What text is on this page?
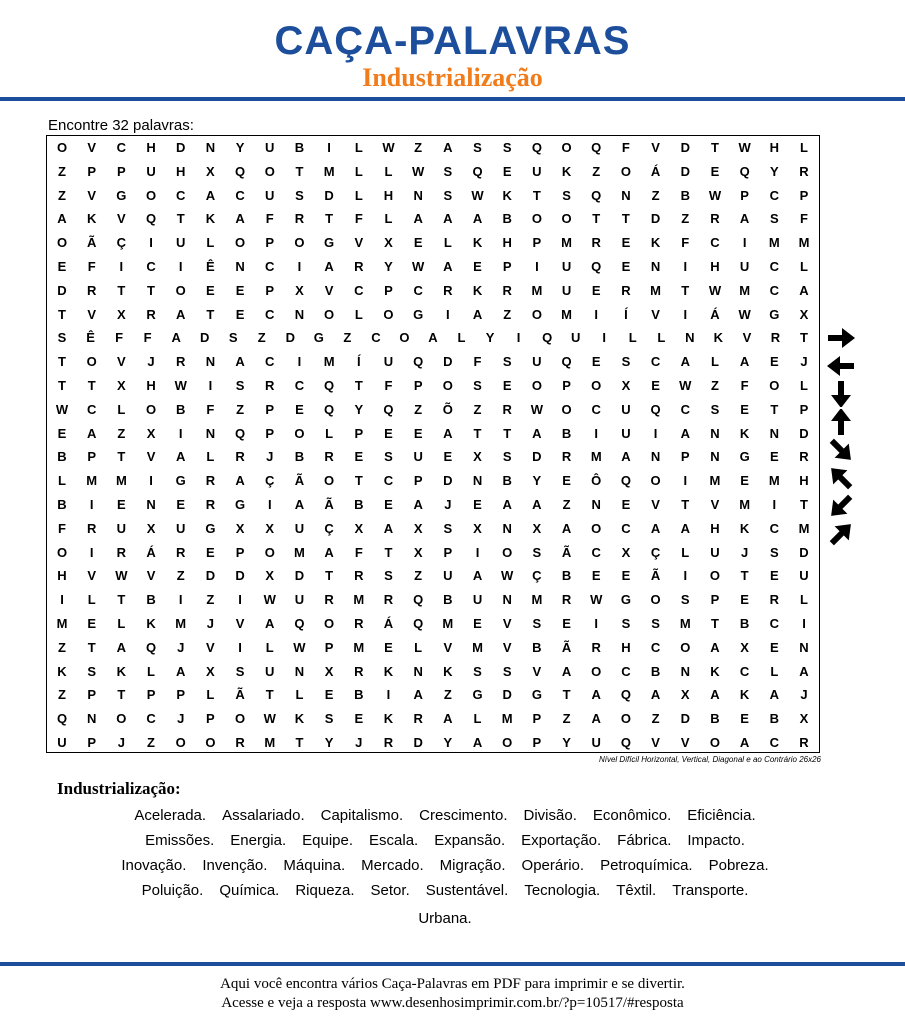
CAÇA-PALAVRAS
Industrialização
Encontre 32 palavras:
O	V	C	H	D	N	Y	U	B	I	L	W	Z	A	S	S	Q	O	Q	F	V	D	T	W	H	L
Z	P	P	U	H	X	Q	O	T	M	L	L	W	S	Q	E	U	K	Z	O	Á	D	E	Q	Y	R
Z	V	G	O	C	A	C	U	S	D	L	H	N	S	W	K	T	S	Q	N	Z	B	W	P	C	P
A	K	V	Q	T	K	A	F	R	T	F	L	A	A	A	B	O	O	T	T	D	Z	R	A	S	F
O	Ã	Ç	I	U	L	O	P	O	G	V	X	E	L	K	H	P	M	R	E	K	F	C	I	M	M
E	F	I	C	I	Ê	N	C	I	A	R	Y	W	A	E	P	I	U	Q	E	N	I	H	U	C	L
D	R	T	T	O	E	E	P	X	V	C	P	C	R	K	R	M	U	E	R	M	T	W	M	C	A
T	V	X	R	A	T	E	C	N	O	L	O	G	I	A	Z	O	M	I	Í	V	I	Á	W	G	X
S	Ê	F	F	A	D	S	Z	D	G	Z	C	O	A	L	Y	I	Q	U	I	L	L	N	K	V	R	T
T	O	V	J	R	N	A	C	I	M	Í	U	Q	D	F	S	U	Q	E	S	C	A	L	A	E	J
T	T	X	H	W	I	S	R	C	Q	T	F	P	O	S	E	O	P	O	X	E	W	Z	F	O	L
W	C	L	O	B	F	Z	P	E	Q	Y	Q	Z	Õ	Z	R	W	O	C	U	Q	C	S	E	T	P
E	A	Z	X	I	N	Q	P	O	L	P	E	E	A	T	T	A	B	I	U	I	A	N	K	N	D
B	P	T	V	A	L	R	J	B	R	E	S	U	E	X	S	D	R	M	A	N	P	N	G	E	R
L	M	M	I	G	R	A	Ç	Ã	O	T	C	P	D	N	B	Y	E	Ô	Q	O	I	M	E	M	H
B	I	E	N	E	R	G	I	A	Ã	B	E	A	J	E	A	A	Z	N	E	V	T	V	M	I	T
F	R	U	X	U	G	X	X	U	Ç	X	A	X	S	X	N	X	A	O	C	A	A	H	K	C	M
O	I	R	Á	R	E	P	O	M	A	F	T	X	P	I	O	S	Ã	C	X	Ç	L	U	J	S	D
H	V	W	V	Z	D	D	X	D	T	R	S	Z	U	A	W	Ç	B	E	E	Ã	I	O	T	E	U
I	L	T	B	I	Z	I	W	U	R	M	R	Q	B	U	N	M	R	W	G	O	S	P	E	R	L
M	E	L	K	M	J	V	A	Q	O	R	Á	Q	M	E	V	S	E	I	S	S	M	T	B	C	I
Z	T	A	Q	J	V	I	L	W	P	M	E	L	V	M	V	B	Ã	R	H	C	O	A	X	E	N
K	S	K	L	A	X	S	U	N	X	R	K	N	K	S	S	V	A	O	C	B	N	K	C	L	A
Z	P	T	P	P	L	Ã	T	L	E	B	I	A	Z	G	D	G	T	A	Q	A	X	A	K	A	J
Q	N	O	C	J	P	O	W	K	S	E	K	R	A	L	M	P	Z	A	O	Z	D	B	E	B	X
U	P	J	Z	O	O	R	M	T	Y	J	R	D	Y	A	O	P	Y	U	Q	V	V	O	A	C	R
Nível Difícil Horizontal, Vertical, Diagonal e ao Contrário 26x26
Industrialização:
Acelerada. Assalariado. Capitalismo. Crescimento. Divisão. Econômico. Eficiência.
Emissões. Energia. Equipe. Escala. Expansão. Exportação. Fábrica. Impacto.
Inovação. Invenção. Máquina. Mercado. Migração. Operário. Petroquímica. Pobreza.
Poluição. Química. Riqueza. Setor. Sustentável. Tecnologia. Têxtil. Transporte.
Urbana.
Aqui você encontra vários Caça-Palavras em PDF para imprimir e se divertir.
Acesse e veja a resposta www.desenhosimprimir.com.br/?p=10517/#resposta
